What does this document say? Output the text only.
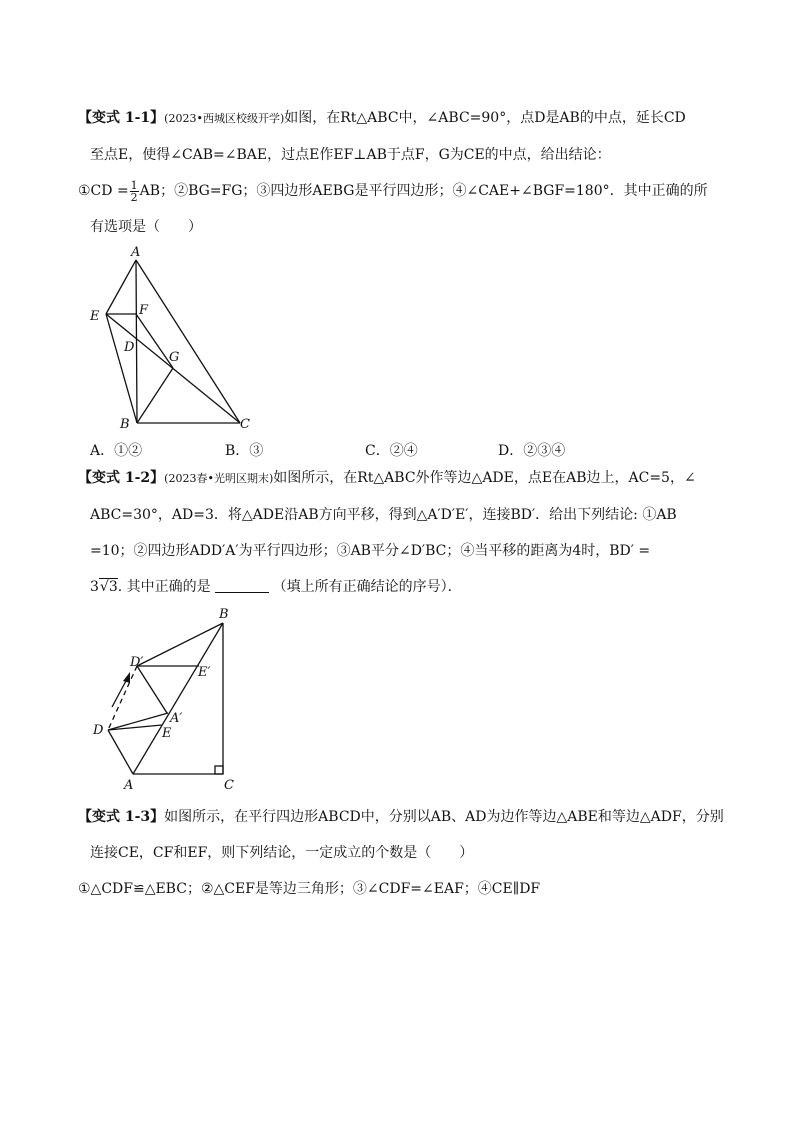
【变式 1-1】(2023•西城区校级开学)如图，在Rt△ABC中，∠ABC=90°，点D是AB的中点，延长CD
至点E，使得∠CAB=∠BAE，过点E作EF⊥AB于点F，G为CE的中点，给出结论：
①CD = $\frac{1}{2}$ AB；②BG=FG；③四边形AEBG是平行四边形；④∠CAE+∠BGF=180°．其中正确的所
有选项是（　　）
A
E	F
D
G
B	C
A．①②	B．③	C．②④	D．②③④
【变式 1-2】(2023春•光明区期末)如图所示，在Rt△ABC外作等边△ADE，点E在AB边上，AC=5，∠
ABC=30°，AD=3．将△ADE沿AB方向平移，得到△A′D′E′，连接BD′．给出下列结论: ①AB
=10；②四边形ADD′A′为平行四边形；③AB平分∠D′BC；④当平移的距离为4时，BD′ =
3√3. 其中正确的是	（填上所有正确结论的序号）．
B
D′
E′
A′
D	E
A	C
【变式 1-3】如图所示，在平行四边形ABCD中，分别以AB、AD为边作等边△ABE和等边△ADF，分别
连接CE，CF和EF，则下列结论，一定成立的个数是（　　）
①△CDF≌△EBC；②△CEF是等边三角形；③∠CDF=∠EAF；④CE∥DF
